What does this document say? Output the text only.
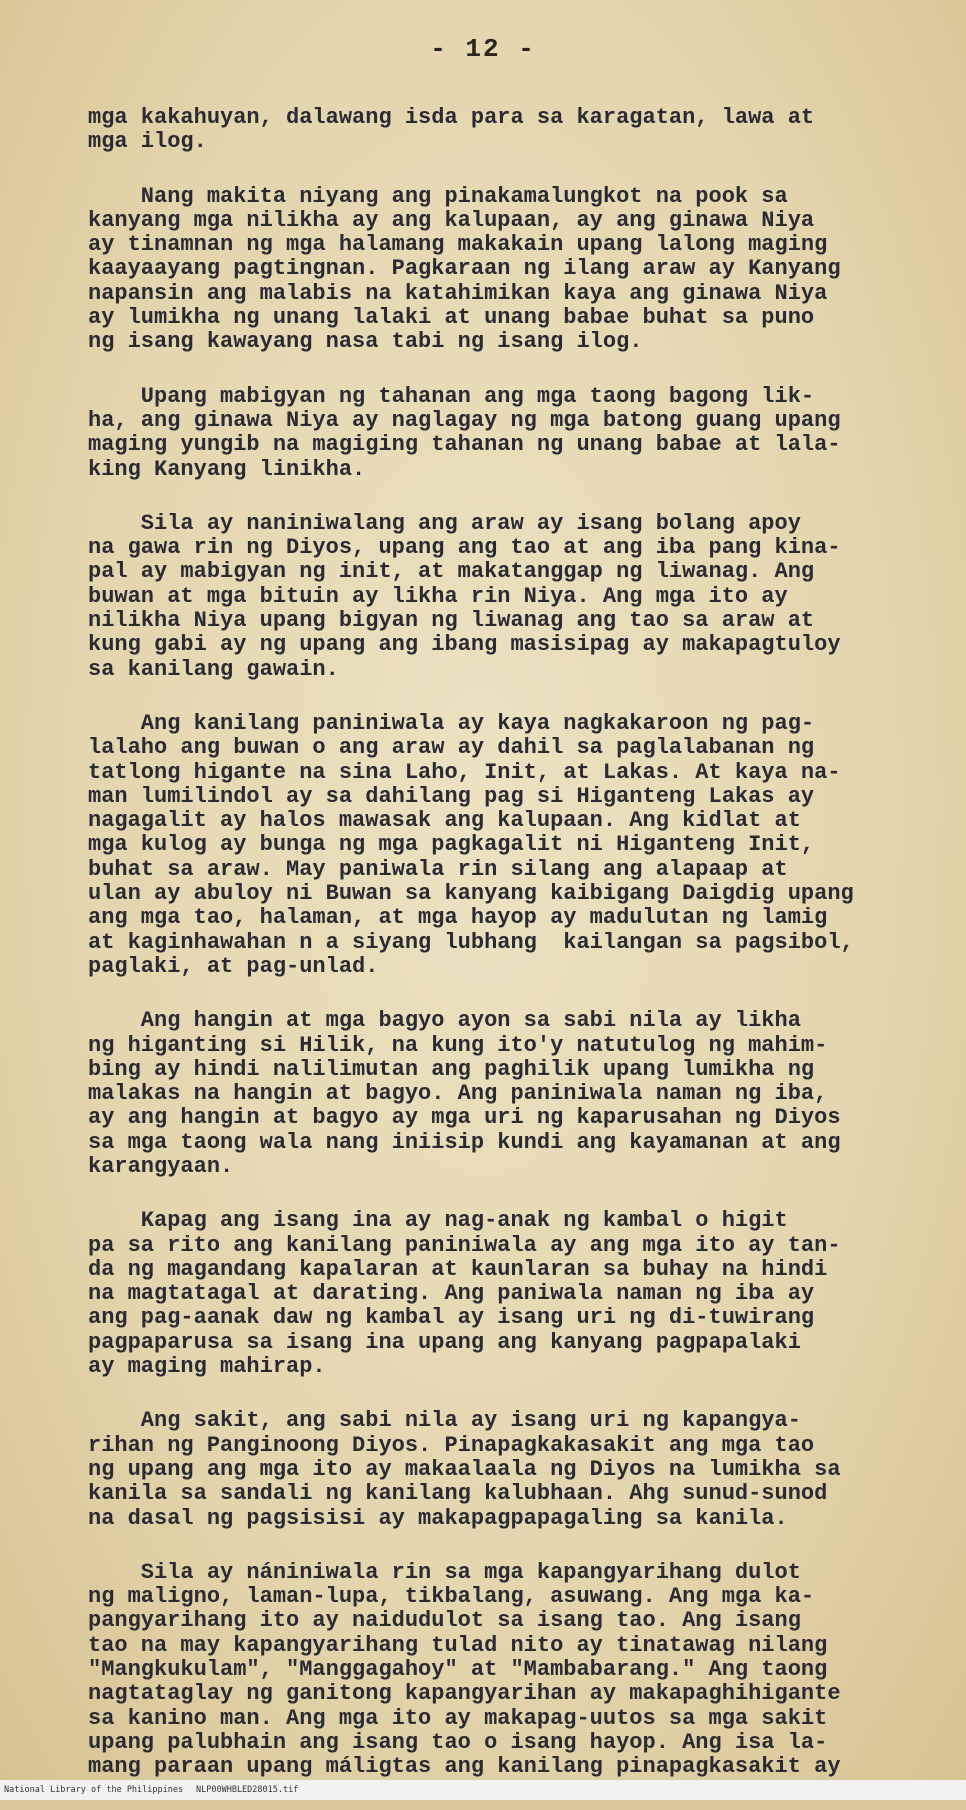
- 12 -
mga kakahuyan, dalawang isda para sa karagatan, lawa at
mga ilog.
Nang makita niyang ang pinakamalungkot na pook sa
kanyang mga nilikha ay ang kalupaan, ay ang ginawa Niya
ay tinamnan ng mga halamang makakain upang lalong maging
kaayaayang pagtingnan. Pagkaraan ng ilang araw ay Kanyang
napansin ang malabis na katahimikan kaya ang ginawa Niya
ay lumikha ng unang lalaki at unang babae buhat sa puno
ng isang kawayang nasa tabi ng isang ilog.
Upang mabigyan ng tahanan ang mga taong bagong lik-
ha, ang ginawa Niya ay naglagay ng mga batong guang upang
maging yungib na magiging tahanan ng unang babae at lala-
king Kanyang linikha.
Sila ay naniniwalang ang araw ay isang bolang apoy
na gawa rin ng Diyos, upang ang tao at ang iba pang kina-
pal ay mabigyan ng init, at makatanggap ng liwanag. Ang
buwan at mga bituin ay likha rin Niya. Ang mga ito ay
nilikha Niya upang bigyan ng liwanag ang tao sa araw at
kung gabi ay ng upang ang ibang masisipag ay makapagtuloy
sa kanilang gawain.
Ang kanilang paniniwala ay kaya nagkakaroon ng pag-
lalaho ang buwan o ang araw ay dahil sa paglalabanan ng
tatlong higante na sina Laho, Init, at Lakas. At kaya na-
man lumilindol ay sa dahilang pag si Higanteng Lakas ay
nagagalit ay halos mawasak ang kalupaan. Ang kidlat at
mga kulog ay bunga ng mga pagkagalit ni Higanteng Init,
buhat sa araw. May paniwala rin silang ang alapaap at
ulan ay abuloy ni Buwan sa kanyang kaibigang Daigdig upang
ang mga tao, halaman, at mga hayop ay madulutan ng lamig
at kaginhawahan n a siyang lubhang  kailangan sa pagsibol,
paglaki, at pag-unlad.
Ang hangin at mga bagyo ayon sa sabi nila ay likha
ng higanting si Hilik, na kung ito'y natutulog ng mahim-
bing ay hindi nalilimutan ang paghilik upang lumikha ng
malakas na hangin at bagyo. Ang paniniwala naman ng iba,
ay ang hangin at bagyo ay mga uri ng kaparusahan ng Diyos
sa mga taong wala nang iniisip kundi ang kayamanan at ang
karangyaan.
Kapag ang isang ina ay nag-anak ng kambal o higit
pa sa rito ang kanilang paniniwala ay ang mga ito ay tan-
da ng magandang kapalaran at kaunlaran sa buhay na hindi
na magtatagal at darating. Ang paniwala naman ng iba ay
ang pag-aanak daw ng kambal ay isang uri ng di-tuwirang
pagpaparusa sa isang ina upang ang kanyang pagpapalaki
ay maging mahirap.
Ang sakit, ang sabi nila ay isang uri ng kapangya-
rihan ng Panginoong Diyos. Pinapagkakasakit ang mga tao
ng upang ang mga ito ay makaalaala ng Diyos na lumikha sa
kanila sa sandali ng kanilang kalubhaan. Ahg sunud-sunod
na dasal ng pagsisisi ay makapagpapagaling sa kanila.
Sila ay nániniwala rin sa mga kapangyarihang dulot
ng maligno, laman-lupa, tikbalang, asuwang. Ang mga ka-
pangyarihang ito ay naidudulot sa isang tao. Ang isang
tao na may kapangyarihang tulad nito ay tinatawag nilang
"Mangkukulam", "Manggagahoy" at "Mambabarang." Ang taong
nagtataglay ng ganitong kapangyarihan ay makapaghihigante
sa kanino man. Ang mga ito ay makapag-uutos sa mga sakit
upang palubhain ang isang tao o isang hayop. Ang isa la-
mang paraan upang máligtas ang kanilang pinapagkasakit ay
National Library of the Philippines NLP00WHBLED28015.tif
